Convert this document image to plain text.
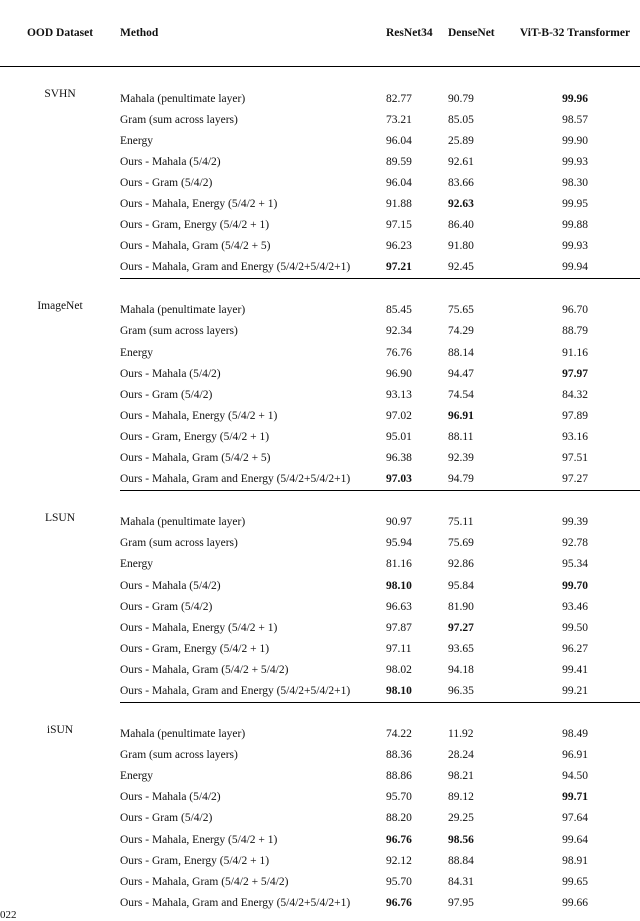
OOD Dataset	Method	ResNet34	DenseNet	ViT-B-32 Transformer

SVHN	Mahala (penultimate layer)	82.77	90.79	99.96
	Gram (sum across layers)	73.21	85.05	98.57
	Energy	96.04	25.89	99.90
	Ours - Mahala (5/4/2)	89.59	92.61	99.93
	Ours - Gram (5/4/2)	96.04	83.66	98.30
	Ours - Mahala, Energy (5/4/2 + 1)	91.88	92.63	99.95
	Ours - Gram, Energy (5/4/2 + 1)	97.15	86.40	99.88
	Ours - Mahala, Gram (5/4/2 + 5)	96.23	91.80	99.93
	Ours - Mahala, Gram and Energy (5/4/2+5/4/2+1)	97.21	92.45	99.94

ImageNet	Mahala (penultimate layer)	85.45	75.65	96.70
	Gram (sum across layers)	92.34	74.29	88.79
	Energy	76.76	88.14	91.16
	Ours - Mahala (5/4/2)	96.90	94.47	97.97
	Ours - Gram (5/4/2)	93.13	74.54	84.32
	Ours - Mahala, Energy (5/4/2 + 1)	97.02	96.91	97.89
	Ours - Gram, Energy (5/4/2 + 1)	95.01	88.11	93.16
	Ours - Mahala, Gram (5/4/2 + 5)	96.38	92.39	97.51
	Ours - Mahala, Gram and Energy (5/4/2+5/4/2+1)	97.03	94.79	97.27

LSUN	Mahala (penultimate layer)	90.97	75.11	99.39
	Gram (sum across layers)	95.94	75.69	92.78
	Energy	81.16	92.86	95.34
	Ours - Mahala (5/4/2)	98.10	95.84	99.70
	Ours - Gram (5/4/2)	96.63	81.90	93.46
	Ours - Mahala, Energy (5/4/2 + 1)	97.87	97.27	99.50
	Ours - Gram, Energy (5/4/2 + 1)	97.11	93.65	96.27
	Ours - Mahala, Gram (5/4/2 + 5/4/2)	98.02	94.18	99.41
	Ours - Mahala, Gram and Energy (5/4/2+5/4/2+1)	98.10	96.35	99.21

iSUN	Mahala (penultimate layer)	74.22	11.92	98.49
	Gram (sum across layers)	88.36	28.24	96.91
	Energy	88.86	98.21	94.50
	Ours - Mahala (5/4/2)	95.70	89.12	99.71
	Ours - Gram (5/4/2)	88.20	29.25	97.64
	Ours - Mahala, Energy (5/4/2 + 1)	96.76	98.56	99.64
	Ours - Gram, Energy (5/4/2 + 1)	92.12	88.84	98.91
	Ours - Mahala, Gram (5/4/2 + 5/4/2)	95.70	84.31	99.65
	Ours - Mahala, Gram and Energy (5/4/2+5/4/2+1)	96.76	97.95	99.66
022
